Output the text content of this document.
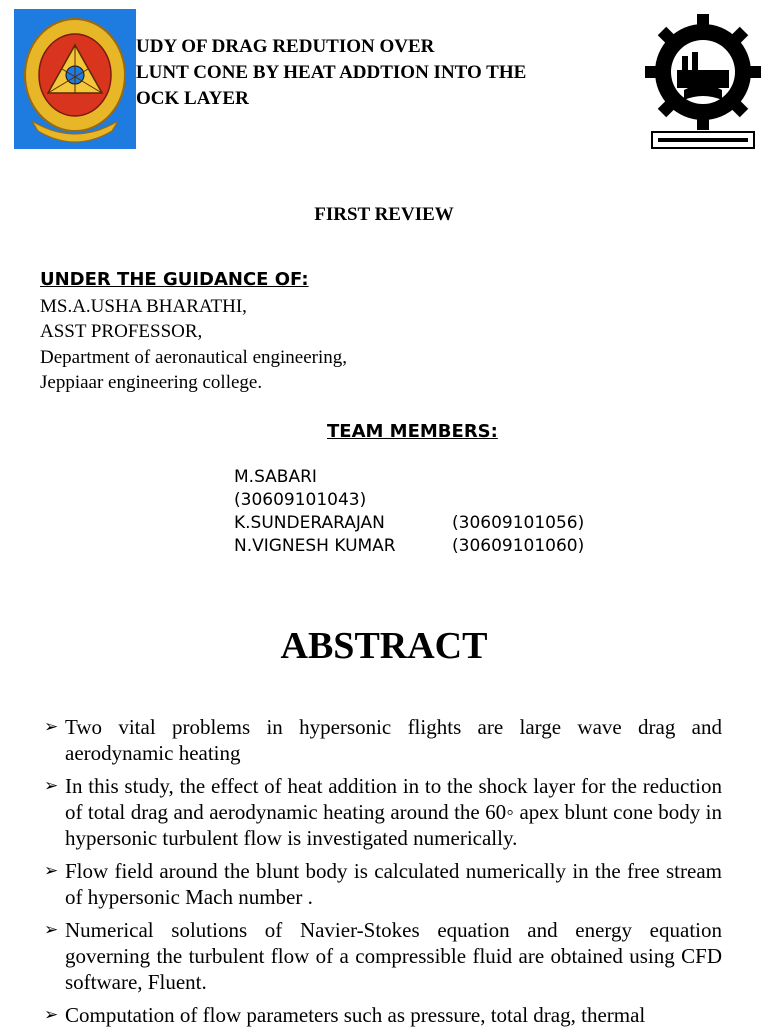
UDY OF DRAG REDUTION OVER
LUNT CONE BY HEAT ADDTION INTO THE
OCK LAYER
FIRST REVIEW
UNDER THE GUIDANCE OF:
MS.A.USHA BHARATHI,
ASST PROFESSOR,
Department of aeronautical engineering,
Jeppiaar engineering college.
TEAM MEMBERS:
M.SABARI
(30609101043)
K.SUNDERARAJAN	(30609101056)
N.VIGNESH KUMAR	(30609101060)
ABSTRACT
➢ Two vital problems in hypersonic flights are large wave drag and aerodynamic heating
➢ In this study, the effect of heat addition in to the shock layer for the reduction of total drag and aerodynamic heating around the 60◦ apex blunt cone body in hypersonic turbulent flow is investigated numerically.
➢ Flow field around the blunt body is calculated numerically in the free stream of hypersonic Mach number .
➢ Numerical solutions of Navier-Stokes equation and energy equation governing the turbulent flow of a compressible fluid are obtained using CFD software, Fluent.
➢ Computation of flow parameters such as pressure, total drag, thermal
